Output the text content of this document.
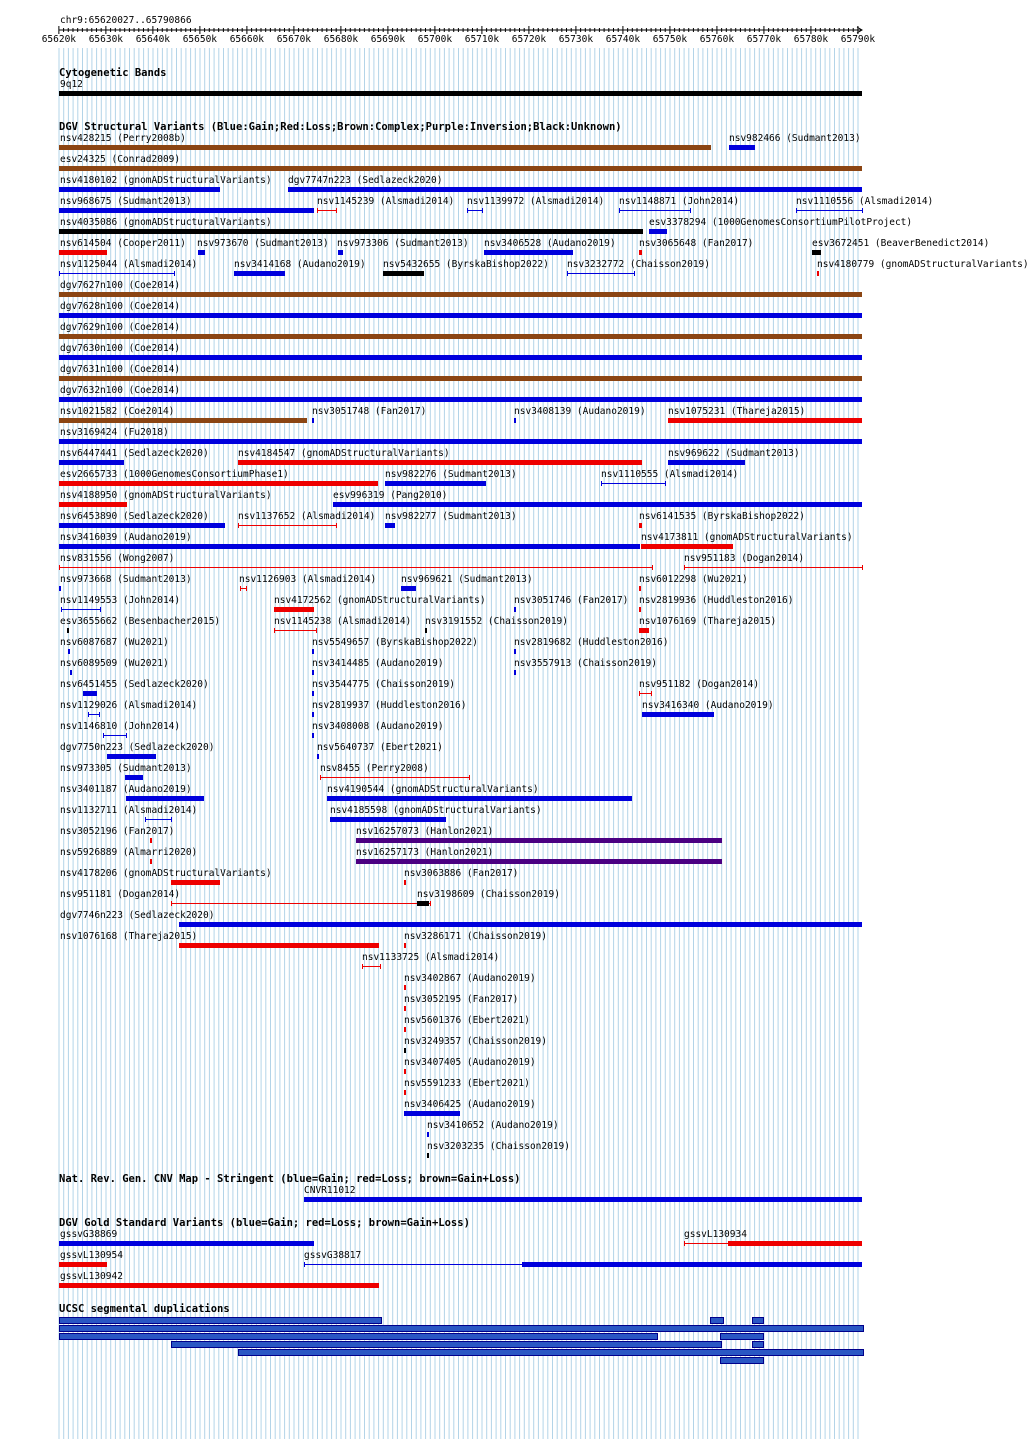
chr9:65620027..65790866
65620k 65630k 65640k 65650k 65660k 65670k 65680k 65690k 65700k 65710k 65720k 65730k 65740k 65750k 65760k 65770k 65780k 65790k
Cytogenetic Bands
9q12
DGV Structural Variants (Blue:Gain;Red:Loss;Brown:Complex;Purple:Inversion;Black:Unknown)
nsv428215 (Perry2008b)	nsv982466 (Sudmant2013)
esv24325 (Conrad2009)
nsv4180102 (gnomADStructuralVariants) dgv7747n223 (Sedlazeck2020)
nsv968675 (Sudmant2013)	nsv1145239 (Alsmadi2014) nsv1139972 (Alsmadi2014) nsv1148871 (John2014)	nsv1110556 (Alsmadi2014)
nsv4035086 (gnomADStructuralVariants)	esv3378294 (1000GenomesConsortiumPilotProject)
nsv614504 (Cooper2011) nsv973670 (Sudmant2013) nsv973306 (Sudmant2013) nsv3406528 (Audano2019) nsv3065648 (Fan2017)	esv3672451 (BeaverBenedict2014)
nsv1125044 (Alsmadi2014)	nsv3414168 (Audano2019) nsv5432655 (ByrskaBishop2022) nsv3232772 (Chaisson2019)	nsv4180779 (gnomADStructuralVariants)
dgv7627n100 (Coe2014)
dgv7628n100 (Coe2014)
dgv7629n100 (Coe2014)
dgv7630n100 (Coe2014)
dgv7631n100 (Coe2014)
dgv7632n100 (Coe2014)
nsv1021582 (Coe2014)	nsv3051748 (Fan2017)	nsv3408139 (Audano2019) nsv1075231 (Thareja2015)
nsv3169424 (Fu2018)
nsv6447441 (Sedlazeck2020)	nsv4184547 (gnomADStructuralVariants)	nsv969622 (Sudmant2013)
esv2665733 (1000GenomesConsortiumPhase1)	nsv982276 (Sudmant2013)	nsv1110555 (Alsmadi2014)
nsv4188950 (gnomADStructuralVariants)	esv996319 (Pang2010)
nsv6453890 (Sedlazeck2020)	nsv1137652 (Alsmadi2014) nsv982277 (Sudmant2013)	nsv6141535 (ByrskaBishop2022)
nsv3416039 (Audano2019)	nsv4173811 (gnomADStructuralVariants)
nsv831556 (Wong2007)	nsv951183 (Dogan2014)
nsv973668 (Sudmant2013)	nsv1126903 (Alsmadi2014)	nsv969621 (Sudmant2013)	nsv6012298 (Wu2021)
nsv1149553 (John2014)	nsv4172562 (gnomADStructuralVariants)	nsv3051746 (Fan2017) nsv2819936 (Huddleston2016)
esv3655662 (Besenbacher2015)	nsv1145238 (Alsmadi2014) nsv3191552 (Chaisson2019)	nsv1076169 (Thareja2015)
nsv6087687 (Wu2021)	nsv5549657 (ByrskaBishop2022)	nsv2819682 (Huddleston2016)
nsv6089509 (Wu2021)	nsv3414485 (Audano2019)	nsv3557913 (Chaisson2019)
nsv6451455 (Sedlazeck2020)	nsv3544775 (Chaisson2019)	nsv951182 (Dogan2014)
nsv1129026 (Alsmadi2014)	nsv2819937 (Huddleston2016)	nsv3416340 (Audano2019)
nsv1146810 (John2014)	nsv3408008 (Audano2019)
dgv7750n223 (Sedlazeck2020)	nsv5640737 (Ebert2021)
nsv973305 (Sudmant2013)	nsv8455 (Perry2008)
nsv3401187 (Audano2019)	nsv4190544 (gnomADStructuralVariants)
nsv1132711 (Alsmadi2014)	nsv4185598 (gnomADStructuralVariants)
nsv3052196 (Fan2017)	nsv16257073 (Hanlon2021)
nsv5926889 (Almarri2020)	nsv16257173 (Hanlon2021)
nsv4178206 (gnomADStructuralVariants)	nsv3063886 (Fan2017)
nsv951181 (Dogan2014)	nsv3198609 (Chaisson2019)
dgv7746n223 (Sedlazeck2020)
nsv1076168 (Thareja2015)	nsv3286171 (Chaisson2019)
nsv1133725 (Alsmadi2014)
nsv3402867 (Audano2019)
nsv3052195 (Fan2017)
nsv5601376 (Ebert2021)
nsv3249357 (Chaisson2019)
nsv3407405 (Audano2019)
nsv5591233 (Ebert2021)
nsv3406425 (Audano2019)
nsv3410652 (Audano2019)
nsv3203235 (Chaisson2019)
Nat. Rev. Gen. CNV Map - Stringent (blue=Gain; red=Loss; brown=Gain+Loss)
CNVR11012
DGV Gold Standard Variants (blue=Gain; red=Loss; brown=Gain+Loss)
gssvG38869	gssvL130934
gssvL130954	gssvG38817
gssvL130942
UCSC segmental duplications
